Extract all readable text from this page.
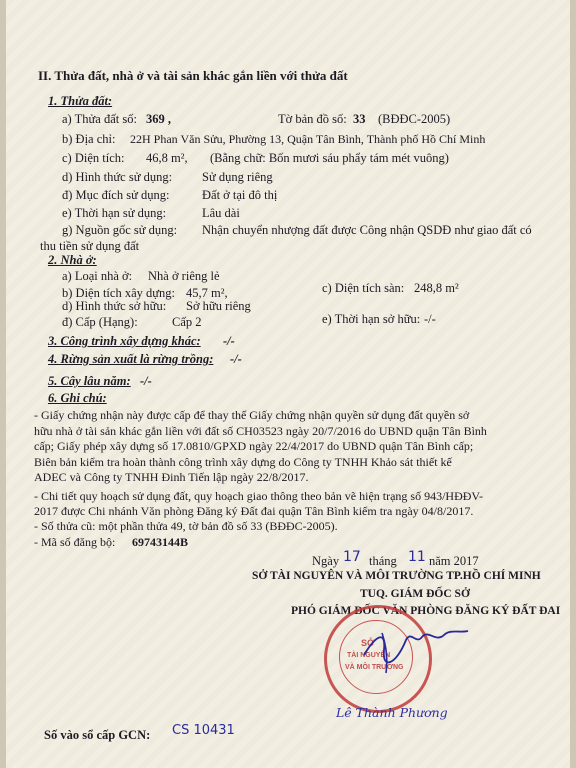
II. Thửa đất, nhà ở và tài sản khác gắn liền với thửa đất
1. Thửa đất:
a) Thửa đất số: 369 ,	Tờ bản đồ số: 33 (BĐĐC-2005)
b) Địa chỉ: 22H Phan Văn Sửu, Phường 13, Quận Tân Bình, Thành phố Hồ Chí Minh
c) Diện tích: 46,8 m², (Bằng chữ: Bốn mươi sáu phẩy tám mét vuông)
d) Hình thức sử dụng: Sử dụng riêng
đ) Mục đích sử dụng:	Đất ở tại đô thị
e) Thời hạn sử dụng:	Lâu dài
g) Nguồn gốc sử dụng: Nhận chuyển nhượng đất được Công nhận QSDĐ như giao đất có
thu tiền sử dụng đất
2. Nhà ở:
a) Loại nhà ở: Nhà ở riêng lẻ
b) Diện tích xây dựng: 45,7 m²,	c) Diện tích sàn: 248,8 m²
d) Hình thức sở hữu: Sở hữu riêng
đ) Cấp (Hạng):	Cấp 2	e) Thời hạn sở hữu: -/-
3. Công trình xây dựng khác: -/-
4. Rừng sản xuất là rừng trồng: -/-
5. Cây lâu năm: -/-
6. Ghi chú:
- Giấy chứng nhận này được cấp để thay thế Giấy chứng nhận quyền sử dụng đất quyền sở
hữu nhà ở tài sản khác gắn liền với đất số CH03523 ngày 20/7/2016 do UBND quận Tân Bình
cấp; Giấy phép xây dựng số 17.0810/GPXD ngày 22/4/2017 do UBND quận Tân Bình cấp;
Biên bản kiểm tra hoàn thành công trình xây dựng do Công ty TNHH Khảo sát thiết kế
ADEC và Công ty TNHH Đinh Tiến lập ngày 22/8/2017.
- Chi tiết quy hoạch sử dụng đất, quy hoạch giao thông theo bản vẽ hiện trạng số 943/HĐĐV-
2017 được Chi nhánh Văn phòng Đăng ký Đất đai quận Tân Bình kiểm tra ngày 04/8/2017.
- Số thửa cũ: một phần thửa 49, tờ bản đồ số 33 (BĐĐC-2005).
- Mã số đăng bộ: 69743144B
Ngày 17 tháng 11 năm 2017
SỞ TÀI NGUYÊN VÀ MÔI TRƯỜNG TP.HỒ CHÍ MINH
TUQ. GIÁM ĐỐC SỞ
PHÓ GIÁM ĐỐC VĂN PHÒNG ĐĂNG KÝ ĐẤT ĐAI
SỞ
TÀI NGUYÊN
VÀ MÔI TRƯỜNG
Lê Thành Phương
Số vào sổ cấp GCN: CS 10431
